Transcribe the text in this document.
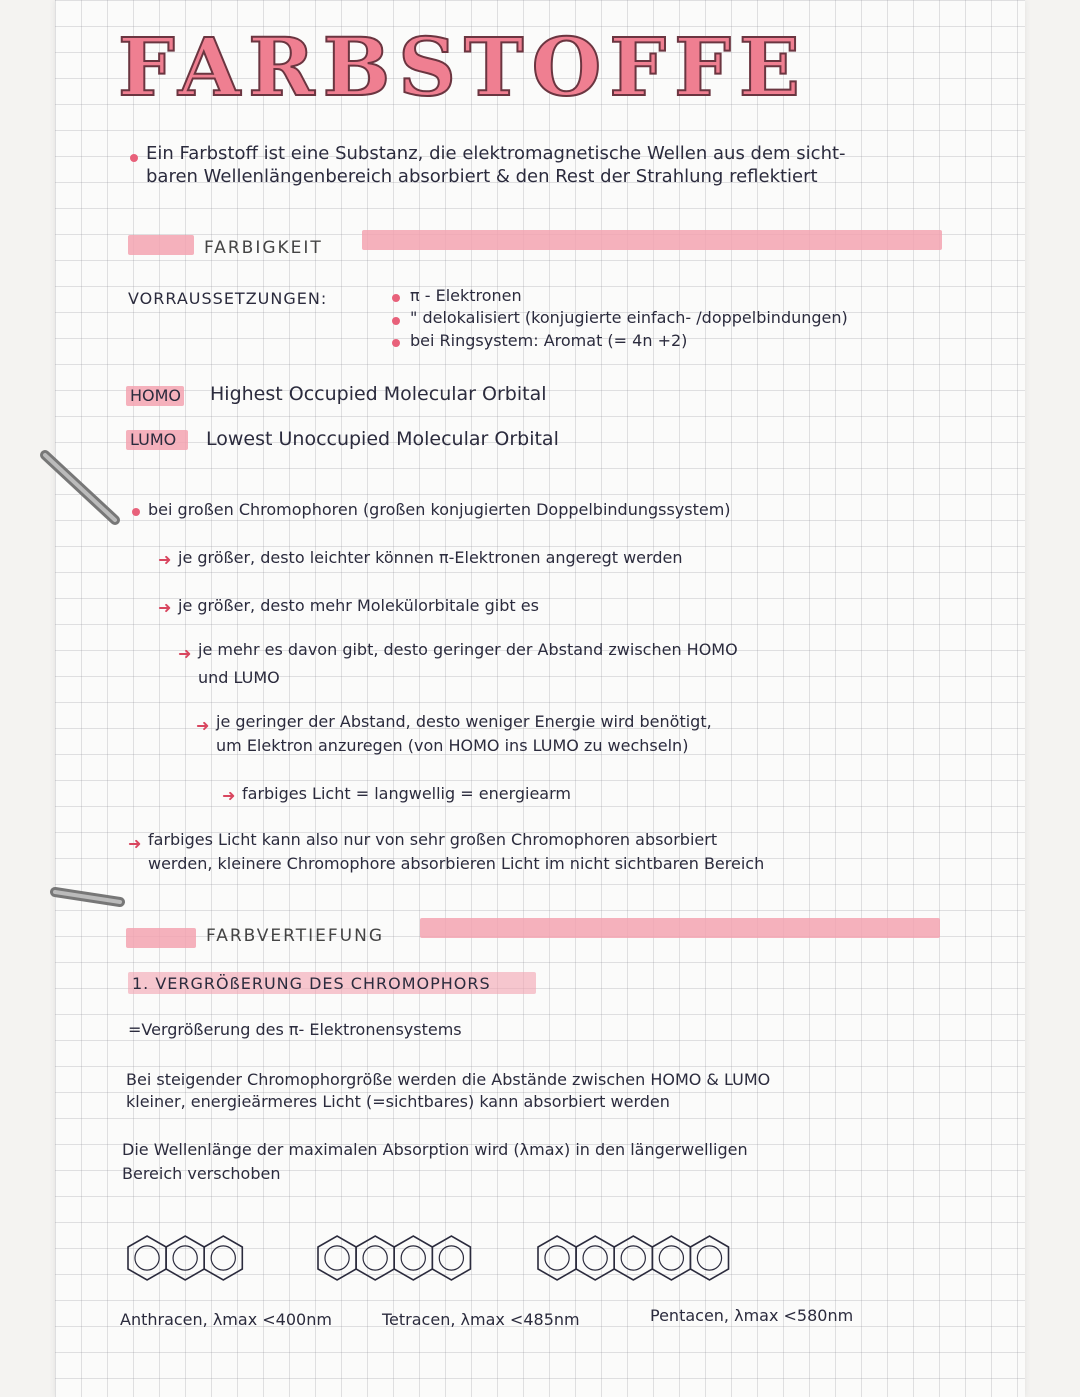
FARBSTOFFE
Ein Farbstoff ist eine Substanz, die elektromagnetische Wellen aus dem sicht-
baren Wellenlängenbereich absorbiert & den Rest der Strahlung reflektiert
FARBIGKEIT
VORRAUSSETZUNGEN:	π - Elektronen
" delokalisiert (konjugierte einfach- /doppelbindungen)
bei Ringsystem: Aromat (= 4n +2)
HOMO Highest Occupied Molecular Orbital
LUMO Lowest Unoccupied Molecular Orbital
bei großen Chromophoren (großen konjugierten Doppelbindungssystem)
➜ je größer, desto leichter können π-Elektronen angeregt werden
➜ je größer, desto mehr Molekülorbitale gibt es
➜ je mehr es davon gibt, desto geringer der Abstand zwischen HOMO
und LUMO
➜ je geringer der Abstand, desto weniger Energie wird benötigt,
um Elektron anzuregen (von HOMO ins LUMO zu wechseln)
➜ farbiges Licht = langwellig = energiearm
➜ farbiges Licht kann also nur von sehr großen Chromophoren absorbiert
werden, kleinere Chromophore absorbieren Licht im nicht sichtbaren Bereich
FARBVERTIEFUNG
1. VERGRÖßERUNG DES CHROMOPHORS
=Vergrößerung des π- Elektronensystems
Bei steigender Chromophorgröße werden die Abstände zwischen HOMO & LUMO
kleiner, energieärmeres Licht (=sichtbares) kann absorbiert werden
Die Wellenlänge der maximalen Absorption wird (λmax) in den längerwelligen
Bereich verschoben
Anthracen, λmax <400nm	Tetracen, λmax <485nm	Pentacen, λmax <580nm
